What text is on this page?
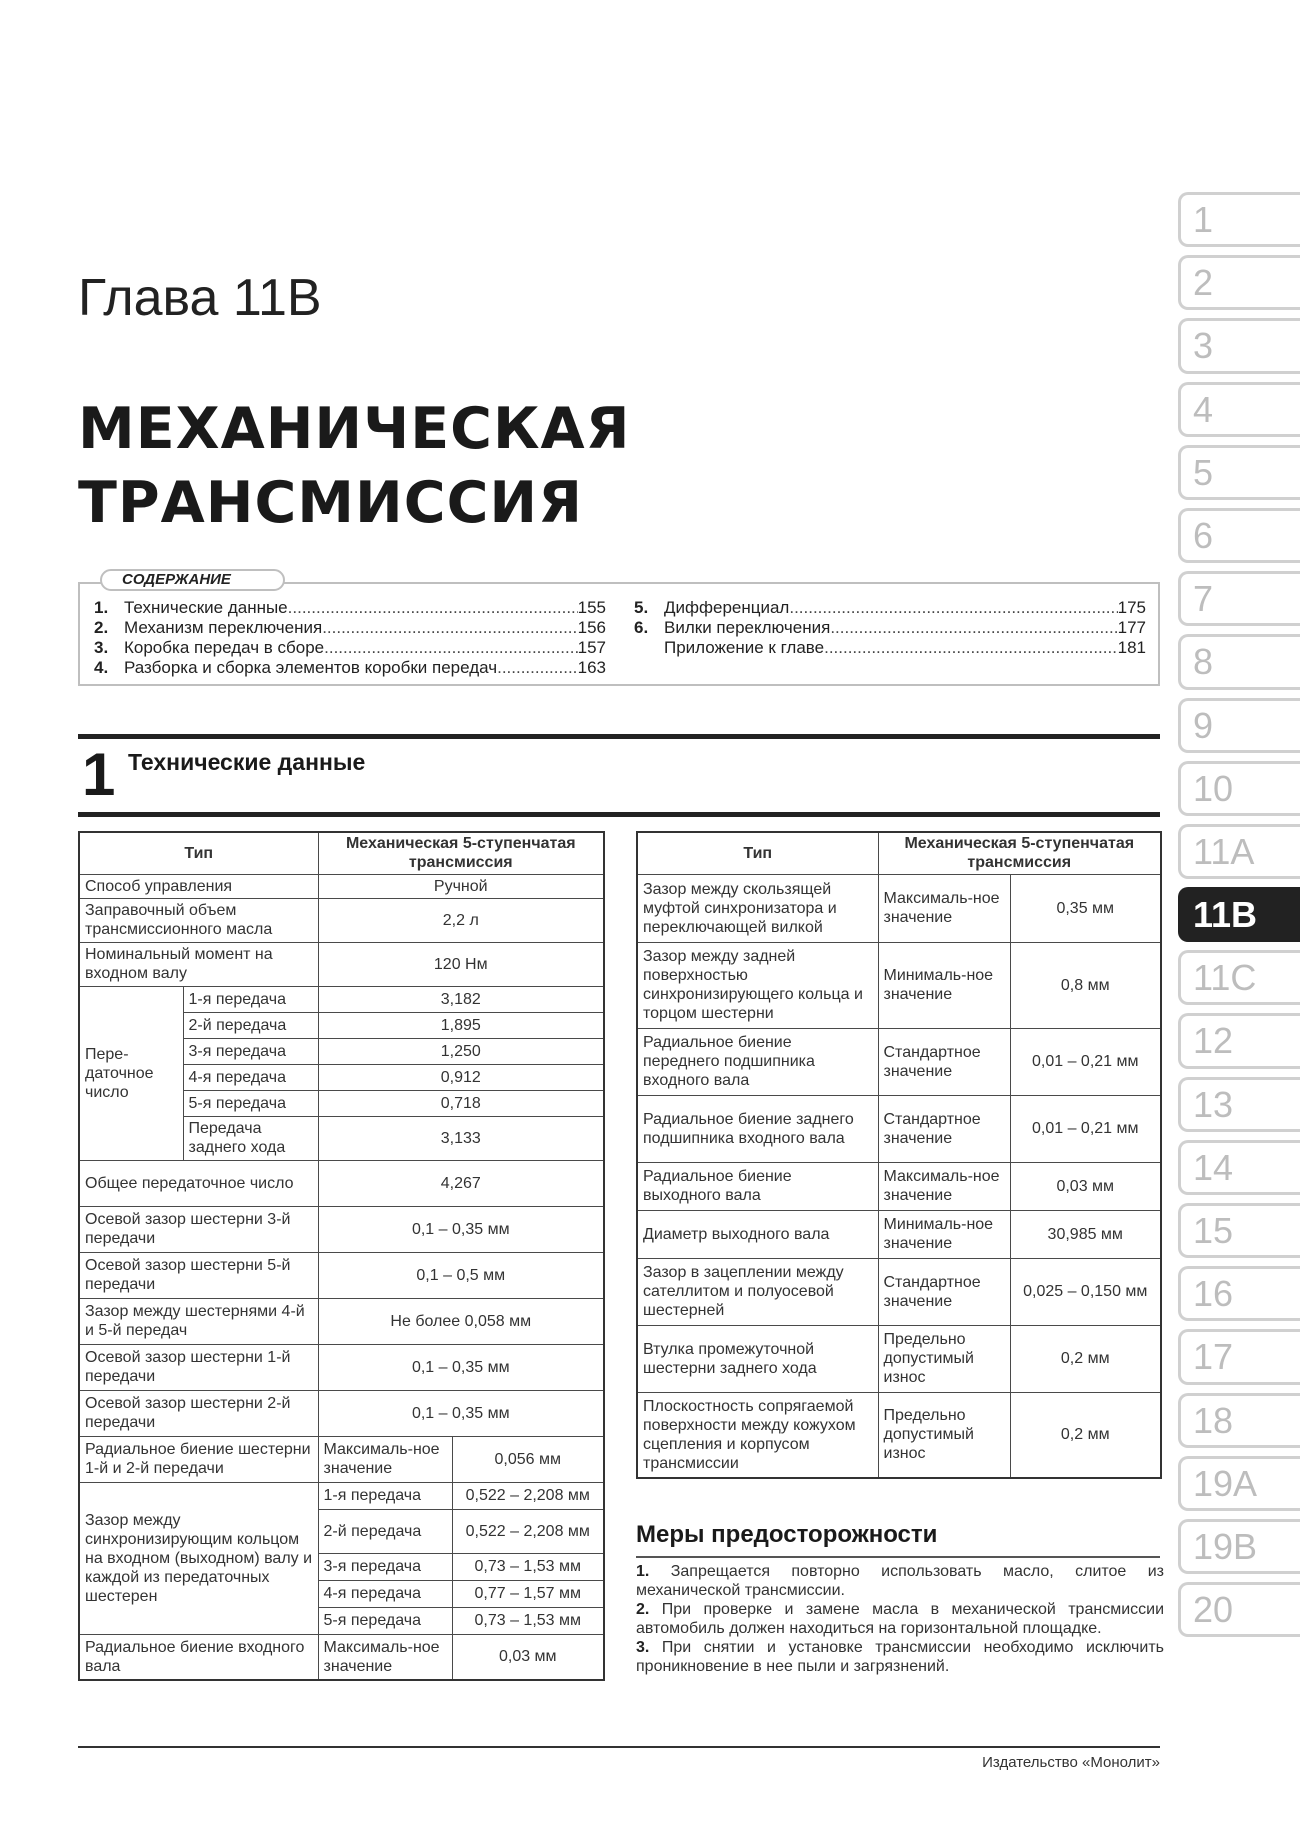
Глава 11В
МЕХАНИЧЕСКАЯ
ТРАНСМИССИЯ
СОДЕРЖАНИЕ
1. Технические данные .....	155
2. Механизм переключения .....	156
3. Коробка передач в сборе .....	157
4. Разборка и сборка элементов коробки передач .....	163
5. Дифференциал .....	175
6. Вилки переключения .....	177
Приложение к главе .....	181
1 Технические данные
Тип		Механическая 5-ступенчатая трансмиссия	
Способ управления		Ручной	
Заправочный объем трансмиссионного масла		2,2 л	
Номинальный момент на входном валу		120 Нм	
Пере-даточное число	1-я передача	3,182	
	2-й передача	1,895	
	3-я передача	1,250	
	4-я передача	0,912	
	5-я передача	0,718	
	Передача заднего хода	3,133	
Общее передаточное число		4,267	
Осевой зазор шестерни 3-й передачи		0,1 – 0,35 мм	
Осевой зазор шестерни 5-й передачи		0,1 – 0,5 мм	
Зазор между шестернями 4-й и 5-й передач		Не более 0,058 мм	
Осевой зазор шестерни 1-й передачи		0,1 – 0,35 мм	
Осевой зазор шестерни 2-й передачи		0,1 – 0,35 мм	
Радиальное биение шестерни 1-й и 2-й передачи		Максималь-ное значение	0,056 мм
Зазор между синхронизирующим кольцом на входном (выходном) валу и каждой из передаточных шестерен		1-я передача	0,522 – 2,208 мм
		2-й передача	0,522 – 2,208 мм
		3-я передача	0,73 – 1,53 мм
		4-я передача	0,77 – 1,57 мм
		5-я передача	0,73 – 1,53 мм
Радиальное биение входного вала		Максималь-ное значение	0,03 мм
Тип	Механическая 5-ступенчатая трансмиссия	
Зазор между скользящей муфтой синхронизатора и переключающей вилкой	Максималь-ное значение	0,35 мм
Зазор между задней поверхностью синхронизирующего кольца и торцом шестерни	Минималь-ное значение	0,8 мм
Радиальное биение переднего подшипника входного вала	Стандартное значение	0,01 – 0,21 мм
Радиальное биение заднего подшипника входного вала	Стандартное значение	0,01 – 0,21 мм
Радиальное биение выходного вала	Максималь-ное значение	0,03 мм
Диаметр выходного вала	Минималь-ное значение	30,985 мм
Зазор в зацеплении между сателлитом и полуосевой шестерней	Стандартное значение	0,025 – 0,150 мм
Втулка промежуточной шестерни заднего хода	Предельно допустимый износ	0,2 мм
Плоскостность сопрягаемой поверхности между кожухом сцепления и корпусом трансмиссии	Предельно допустимый износ	0,2 мм
Меры предосторожности

1. Запрещается повторно использовать масло, слитое из механической трансмиссии.

2. При проверке и замене масла в механической трансмиссии автомобиль должен находиться на горизонтальной площадке.

3. При снятии и установке трансмиссии необходимо исключить проникновение в нее пыли и загрязнений.

Издательство «Монолит»
1
2
3
4
5
6
7
8
9
10
11A
11B
11C
12
13
14
15
16
17
18
19A
19B
20
